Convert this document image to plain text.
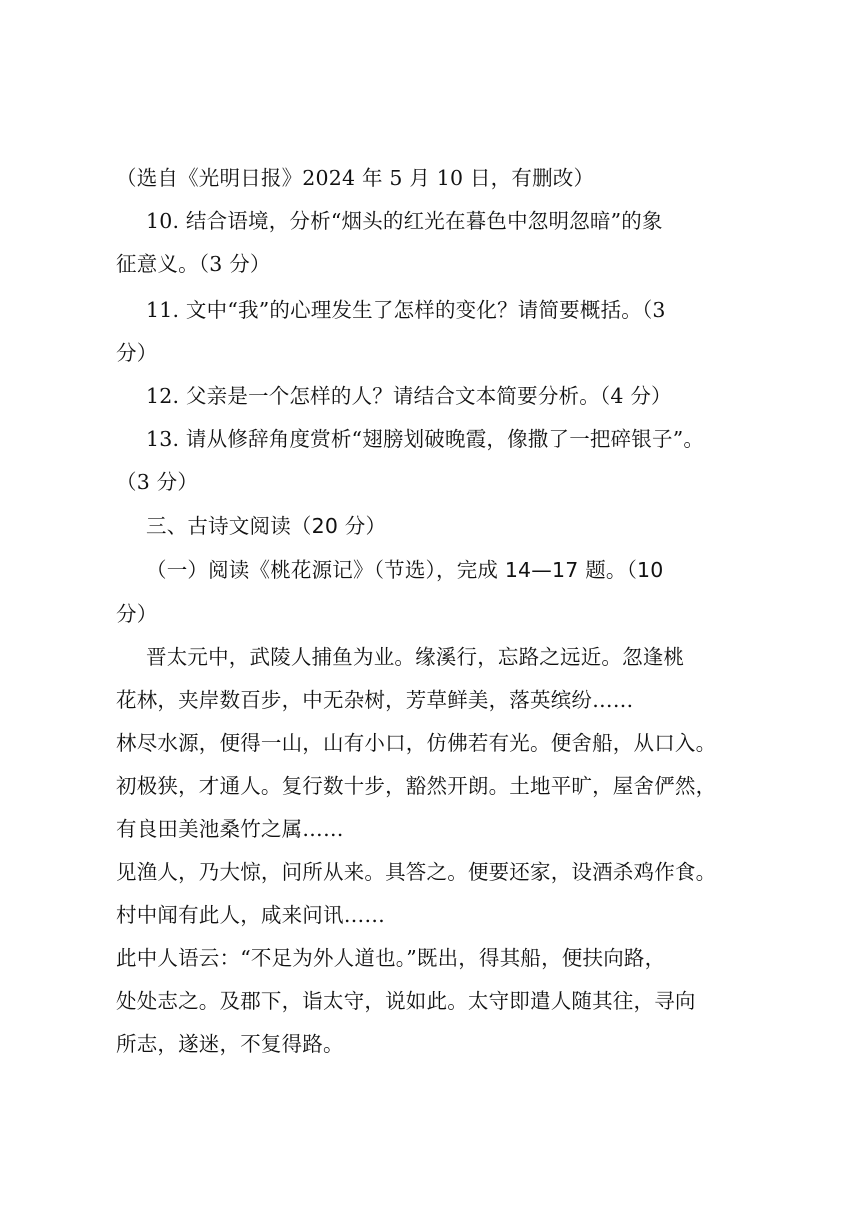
（选自《光明日报》2024 年 5 月 10 日，有删改）
10. 结合语境，分析“烟头的红光在暮色中忽明忽暗”的象
征意义。（3 分）
11. 文中“我”的心理发生了怎样的变化？请简要概括。（3
分）
12. 父亲是一个怎样的人？请结合文本简要分析。（4 分）
13. 请从修辞角度赏析“翅膀划破晚霞，像撒了一把碎银子”。
（3 分）
三、古诗文阅读（20 分）
（一）阅读《桃花源记》（节选），完成 14—17 题。（10
分）
晋太元中，武陵人捕鱼为业。缘溪行，忘路之远近。忽逢桃
花林，夹岸数百步，中无杂树，芳草鲜美，落英缤纷……
林尽水源，便得一山，山有小口，仿佛若有光。便舍船，从口入。
初极狭，才通人。复行数十步，豁然开朗。土地平旷，屋舍俨然，
有良田美池桑竹之属……
见渔人，乃大惊，问所从来。具答之。便要还家，设酒杀鸡作食。
村中闻有此人，咸来问讯……
此中人语云：“不足为外人道也。”既出，得其船，便扶向路，
处处志之。及郡下，诣太守，说如此。太守即遣人随其往，寻向
所志，遂迷，不复得路。
